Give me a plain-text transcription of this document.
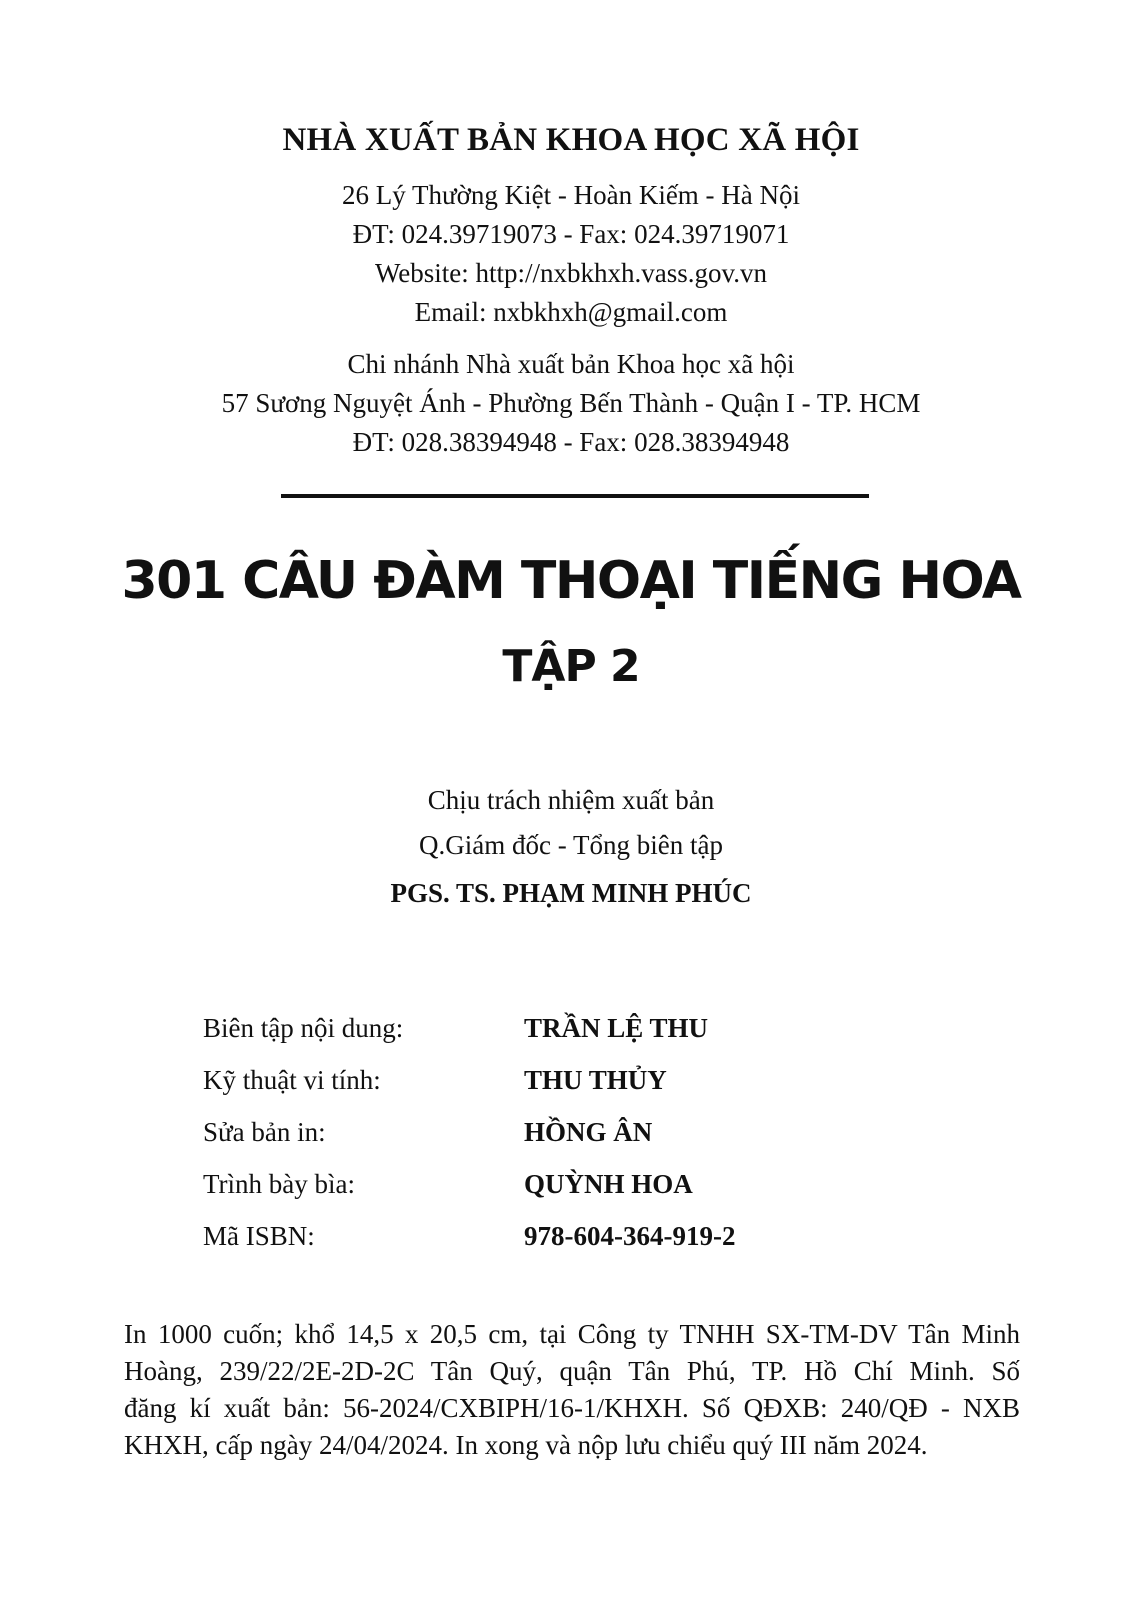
NHÀ XUẤT BẢN KHOA HỌC XÃ HỘI
26 Lý Thường Kiệt - Hoàn Kiếm - Hà Nội
ĐT: 024.39719073 - Fax: 024.39719071
Website: http://nxbkhxh.vass.gov.vn
Email: nxbkhxh@gmail.com
Chi nhánh Nhà xuất bản Khoa học xã hội
57 Sương Nguyệt Ánh - Phường Bến Thành - Quận I - TP. HCM
ĐT: 028.38394948 - Fax: 028.38394948
301 CÂU ĐÀM THOẠI TIẾNG HOA
TẬP 2
Chịu trách nhiệm xuất bản
Q.Giám đốc - Tổng biên tập
PGS. TS. PHẠM MINH PHÚC
Biên tập nội dung:	TRẦN LỆ THU
Kỹ thuật vi tính:	THU THỦY
Sửa bản in:	HỒNG ÂN
Trình bày bìa:	QUỲNH HOA
Mã ISBN:	978-604-364-919-2
In 1000 cuốn; khổ 14,5 x 20,5 cm, tại Công ty TNHH SX-TM-DV Tân Minh
Hoàng, 239/22/2E-2D-2C Tân Quý, quận Tân Phú, TP. Hồ Chí Minh. Số
đăng kí xuất bản: 56-2024/CXBIPH/16-1/KHXH. Số QĐXB: 240/QĐ - NXB
KHXH, cấp ngày 24/04/2024. In xong và nộp lưu chiểu quý III năm 2024.
